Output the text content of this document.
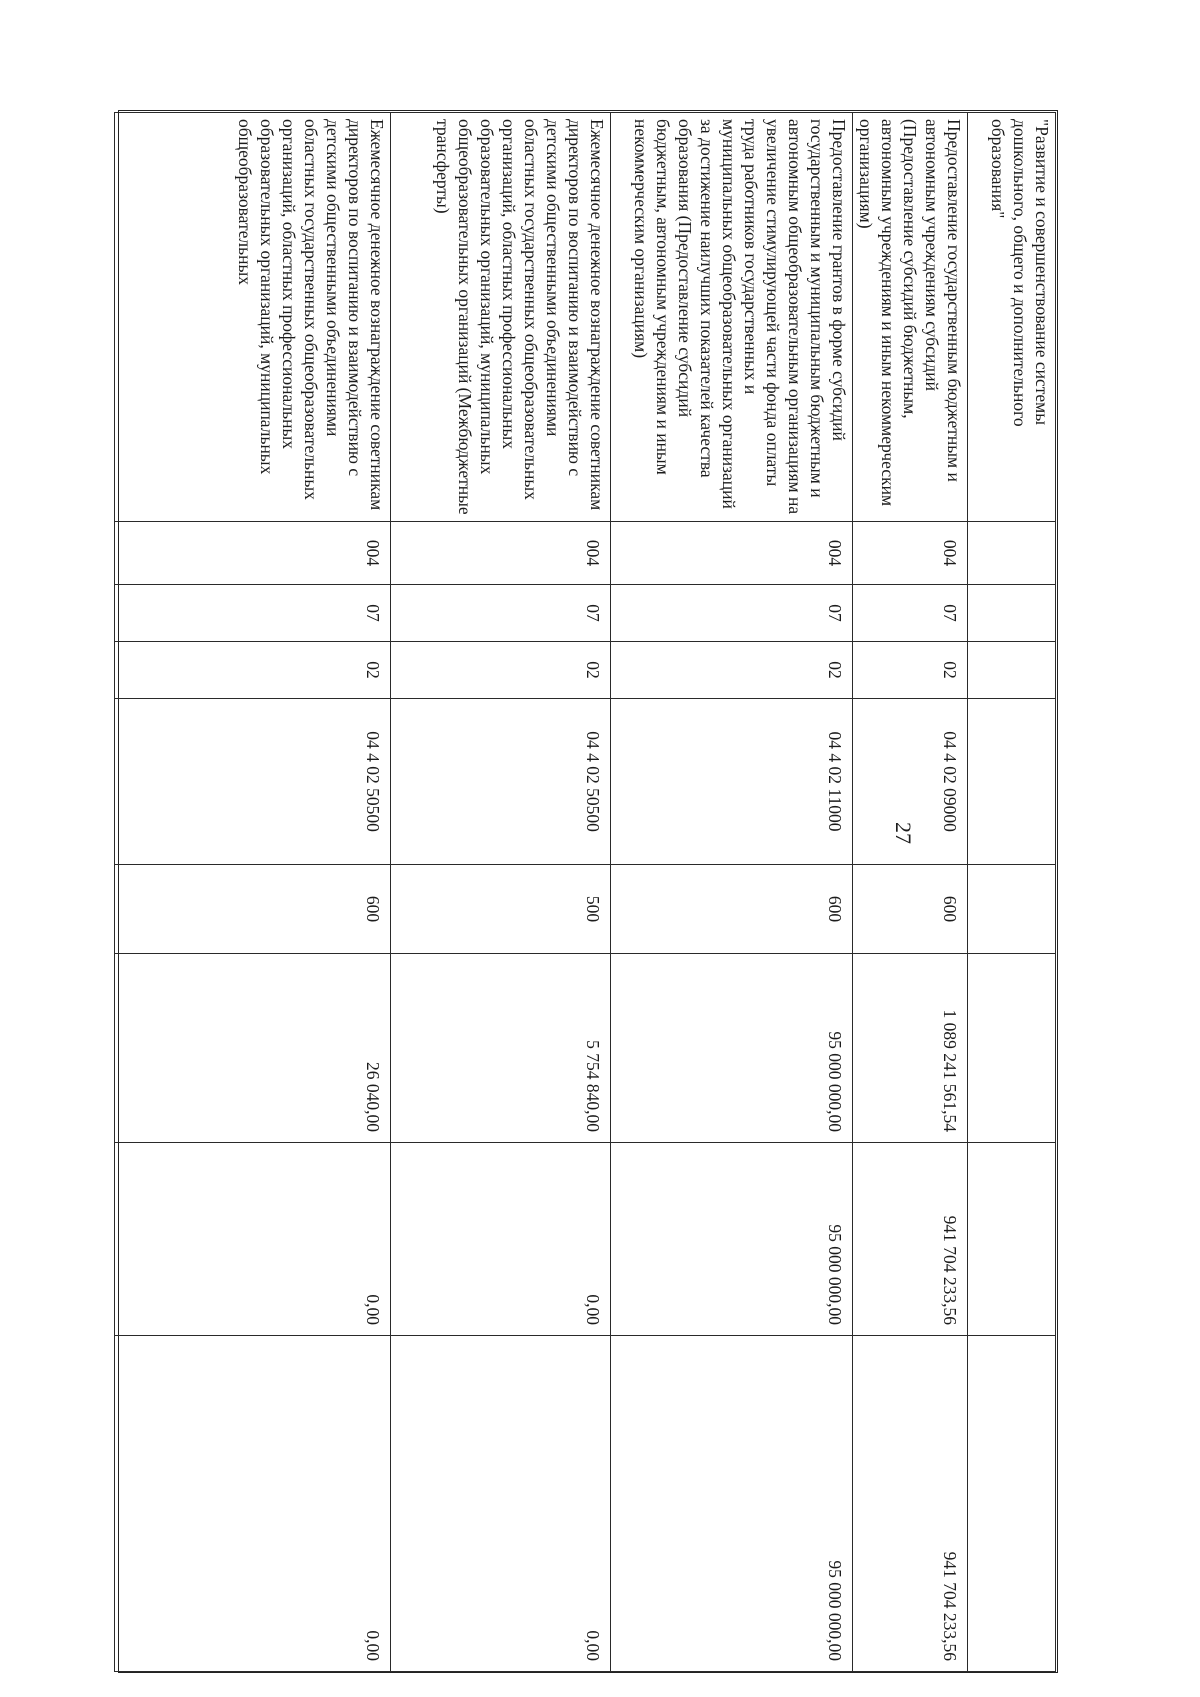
27
"Развитие и совершенствование системы дошкольного, общего и дополнительного образования"								

Предоставление государственным бюджетным и автономным учреждениям субсидий (Предоставление субсидий бюджетным, автономным учреждениям и иным некоммерческим организациям)	004	07	02	04 4 02 09000	600	1 089 241 561,54	941 704 233,56	941 704 233,56

Предоставление грантов в форме субсидий государственным и муниципальным бюджетным и автономным общеобразовательным организациям на увеличение стимулирующей части фонда оплаты труда работников государственных и муниципальных общеобразовательных организаций за достижение наилучших показателей качества образования (Предоставление субсидий бюджетным, автономным учреждениям и иным некоммерческим организациям)	004	07	02	04 4 02 11000	600	95 000 000,00	95 000 000,00	95 000 000,00

Ежемесячное денежное вознаграждение советникам директоров по воспитанию и взаимодействию с детскими общественными объединениями областных государственных общеобразовательных организаций, областных профессиональных образовательных организаций, муниципальных общеобразовательных организаций (Межбюджетные трансферты)	004	07	02	04 4 02 50500	500	5 754 840,00	0,00	0,00

Ежемесячное денежное вознаграждение советникам директоров по воспитанию и взаимодействию с детскими общественными объединениями областных государственных общеобразовательных организаций, областных профессиональных образовательных организаций, муниципальных общеобразовательных	004	07	02	04 4 02 50500	600	26 040,00	0,00	0,00
